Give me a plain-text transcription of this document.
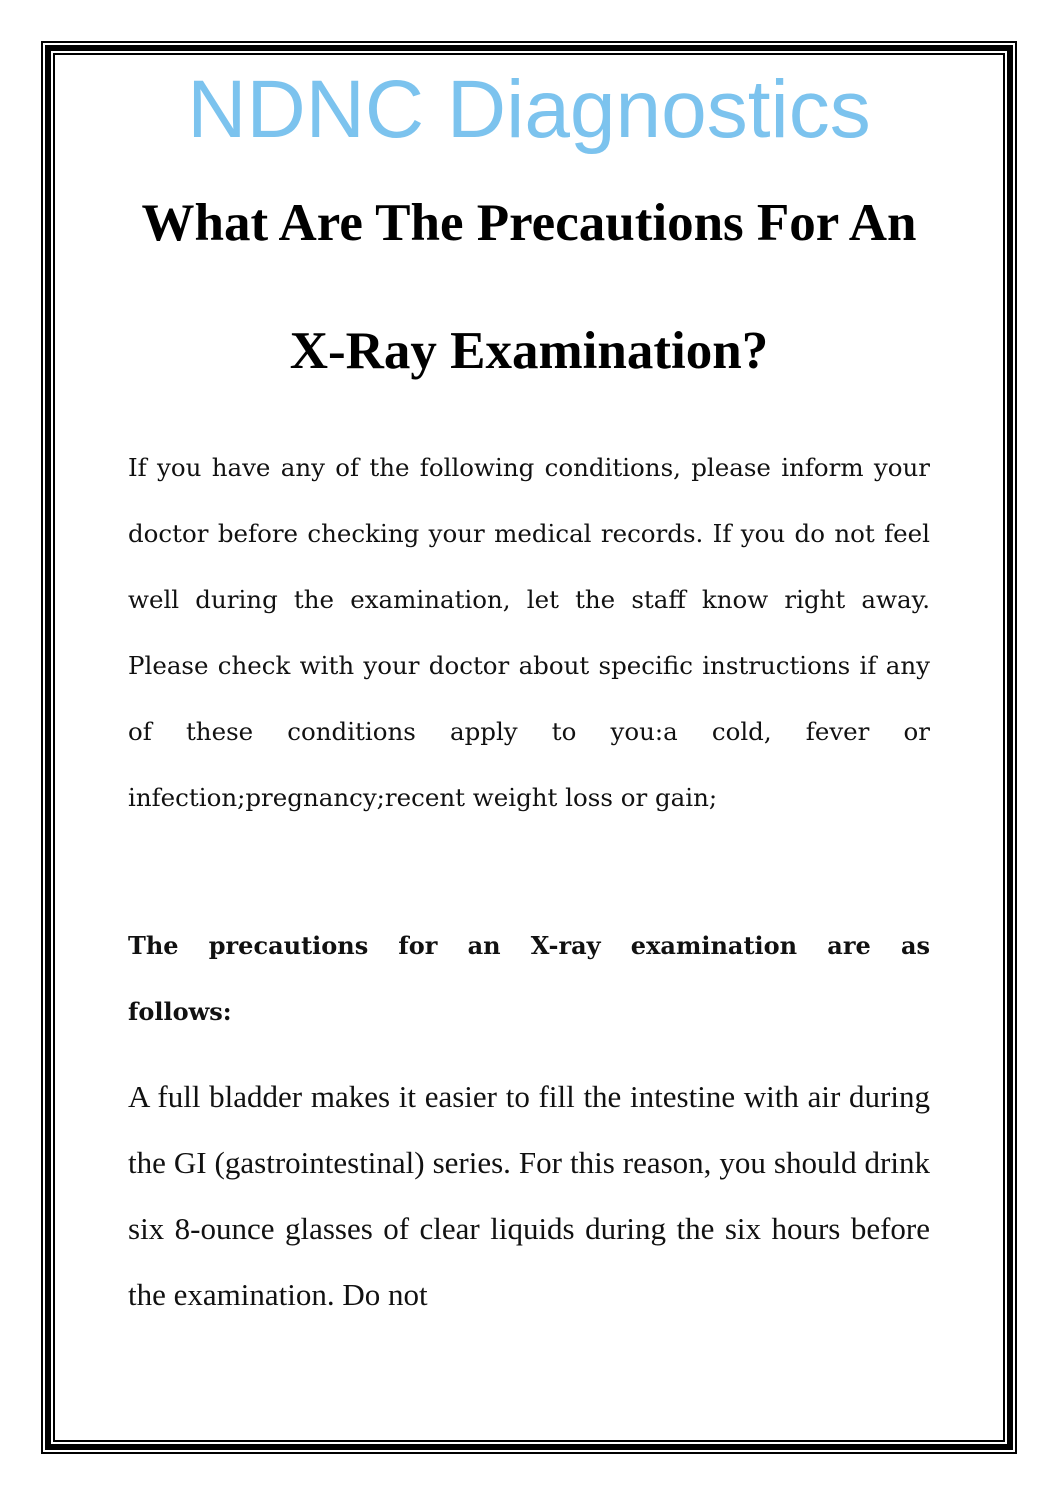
NDNC Diagnostics
What Are The Precautions For An
X-Ray Examination?

If you have any of the following conditions, please inform your doctor before checking your medical records. If you do not feel well during the examination, let the staff know right away. Please check with your doctor about specific instructions if any of these conditions apply to you:a cold, fever or infection;pregnancy;recent weight loss or gain;

The precautions for an X-ray examination are as follows:

A full bladder makes it easier to fill the intestine with air during the GI (gastrointestinal) series. For this reason, you should drink six 8-ounce glasses of clear liquids during the six hours before the examination. Do not
